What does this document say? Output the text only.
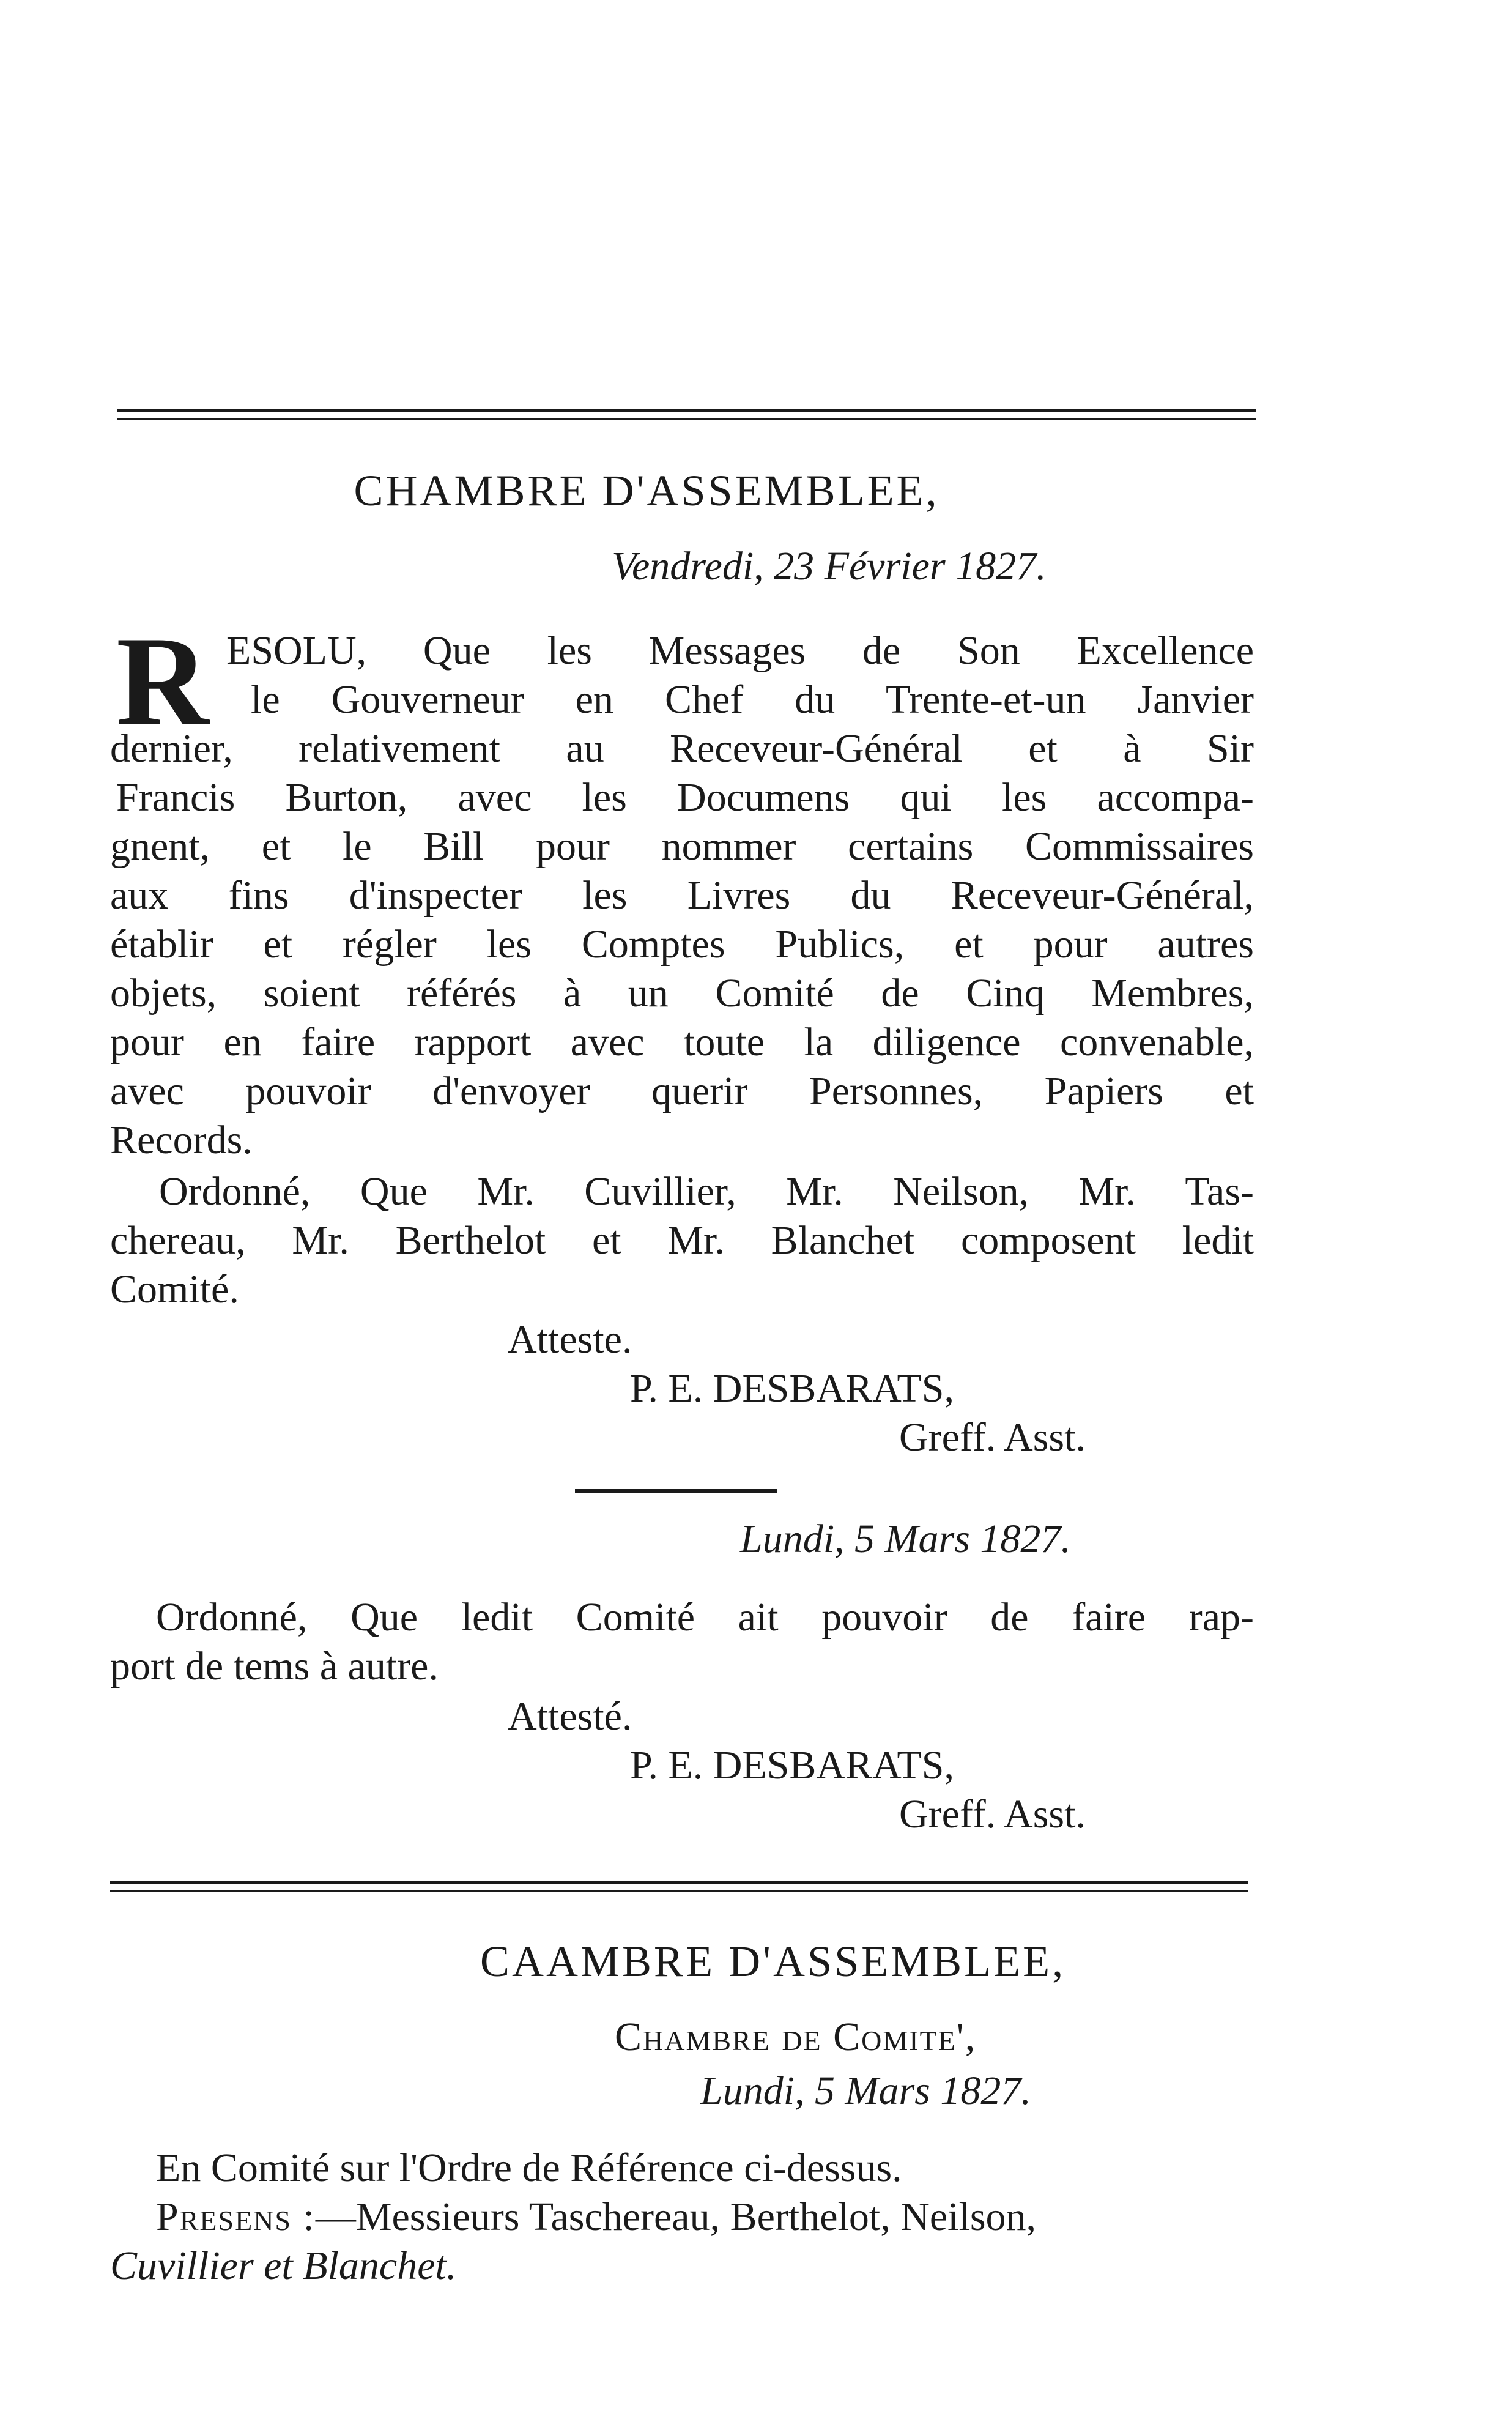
CHAMBRE D'ASSEMBLEE,
Vendredi, 23 Février 1827.
R ESOLU, Que les Messages de Son Excellence
le Gouverneur en Chef du Trente-et-un Janvier
dernier, relativement au Receveur-Général et à Sir
Francis Burton, avec les Documens qui les accompa-
gnent, et le Bill pour nommer certains Commissaires
aux fins d'inspecter les Livres du Receveur-Général,
établir et régler les Comptes Publics, et pour autres
objets, soient référés à un Comité de Cinq Membres,
pour en faire rapport avec toute la diligence convenable,
avec pouvoir d'envoyer querir Personnes, Papiers et
Records.
Ordonné, Que Mr. Cuvillier, Mr. Neilson, Mr. Tas-
chereau, Mr. Berthelot et Mr. Blanchet composent ledit
Comité.
Atteste.
P. E. DESBARATS,
Greff. Asst.
Lundi, 5 Mars 1827.
Ordonné, Que ledit Comité ait pouvoir de faire rap-
port de tems à autre.
Attesté.
P. E. DESBARATS,
Greff. Asst.
CAAMBRE D'ASSEMBLEE,
Chambre de Comite',
Lundi, 5 Mars 1827.
En Comité sur l'Ordre de Référence ci-dessus.
Presens :—Messieurs Taschereau, Berthelot, Neilson,
Cuvillier et Blanchet.
